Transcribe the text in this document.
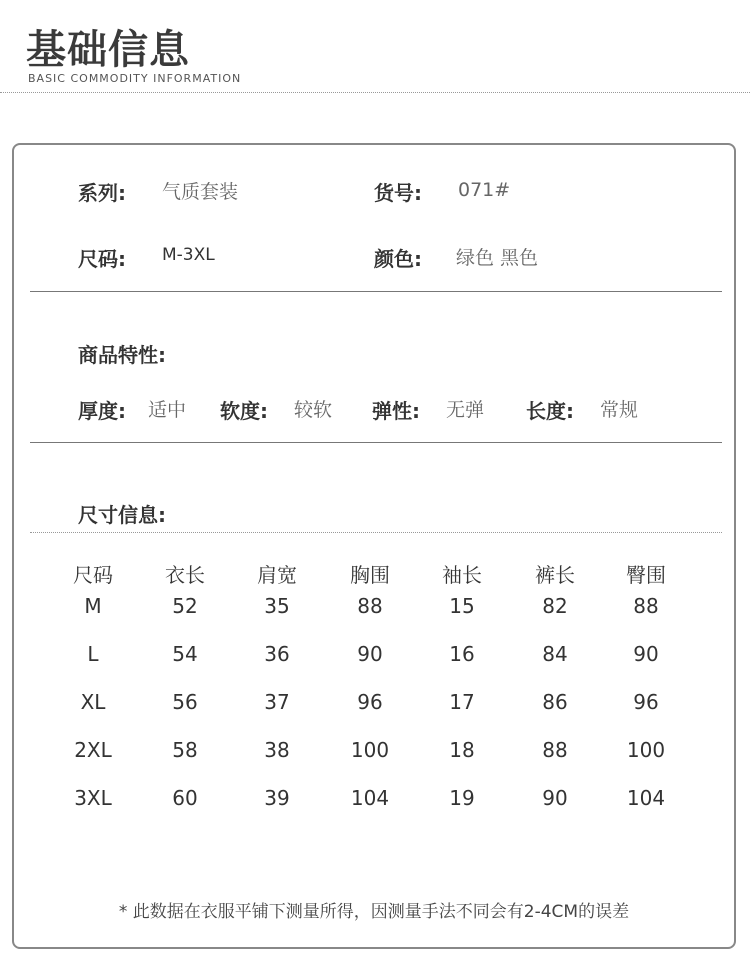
基础信息
BASIC COMMODITY INFORMATION
系列: 气质套装	货号: 071#
尺码: M-3XL	颜色: 绿色 黑色
商品特性:
厚度: 适中 软度: 较软 弹性: 无弹 长度: 常规
尺寸信息:
尺码	衣长	肩宽	胸围	袖长	裤长	臀围
M	52	35	88	15	82	88
L	54	36	90	16	84	90
XL	56	37	96	17	86	96
2XL	58	38	100	18	88	100
3XL	60	39	104	19	90	104
* 此数据在衣服平铺下测量所得，因测量手法不同会有2-4CM的误差
